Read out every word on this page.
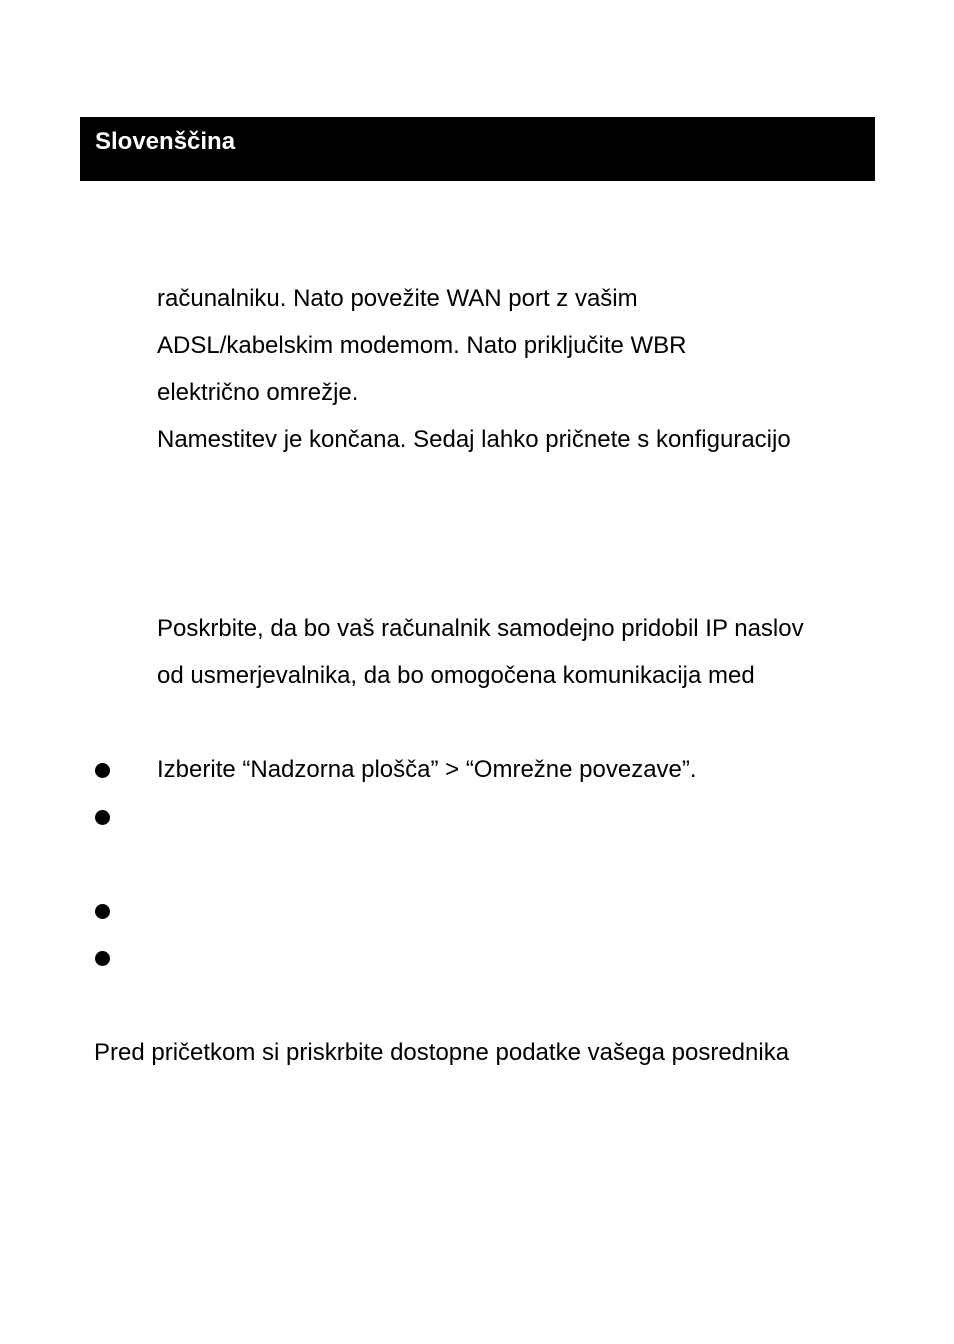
Slovenščina
računalniku. Nato povežite WAN port z vašim
ADSL/kabelskim modemom. Nato priključite WBR
električno omrežje.
Namestitev je končana. Sedaj lahko pričnete s konfiguracijo
Poskrbite, da bo vaš računalnik samodejno pridobil IP naslov
od usmerjevalnika, da bo omogočena komunikacija med
Izberite “Nadzorna plošča” > “Omrežne povezave”.
Pred pričetkom si priskrbite dostopne podatke vašega posrednika
